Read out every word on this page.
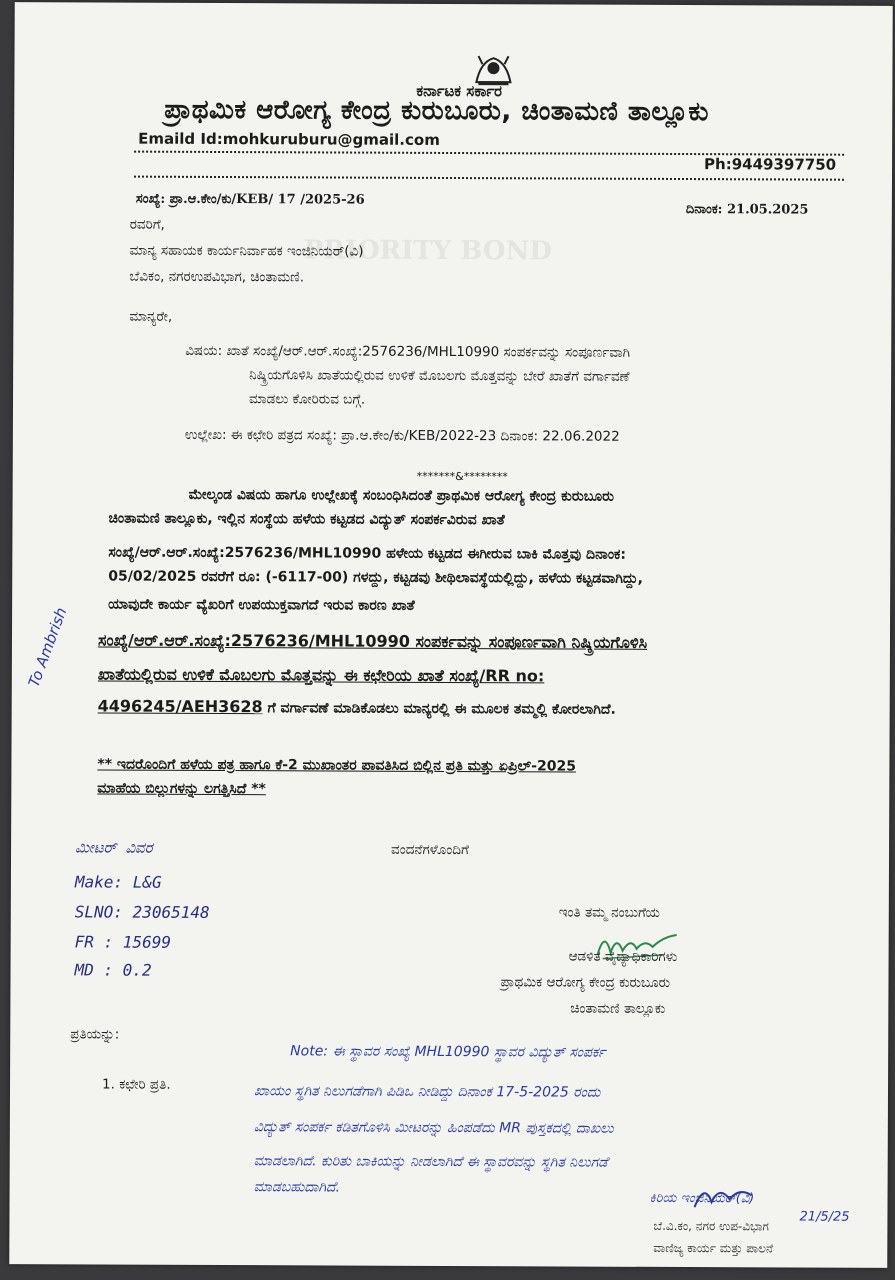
ಕರ್ನಾಟಕ ಸರ್ಕಾರ
ಪ್ರಾಥಮಿಕ ಆರೋಗ್ಯ ಕೇಂದ್ರ ಕುರುಬೂರು, ಚಿಂತಾಮಣಿ ತಾಲ್ಲೂಕು
Emaild Id:mohkuruburu@gmail.com
Ph:9449397750
ಸಂಖ್ಯೆ: ಪ್ರಾ.ಆ.ಕೇಂ/ಕು/KEB/ 17 /2025-26
ದಿನಾಂಕ: 21.05.2025
PRIORITY BOND
ರವರಿಗೆ,
ಮಾನ್ಯ ಸಹಾಯಕ ಕಾರ್ಯನಿರ್ವಾಹಕ ಇಂಜಿನಿಯರ್(ವಿ)
ಬೆವಿಕಂ, ನಗರಉಪವಿಭಾಗ, ಚಿಂತಾಮಣಿ.
ಮಾನ್ಯರೇ,
ವಿಷಯ: ಖಾತೆ ಸಂಖ್ಯೆ/ಆರ್.ಆರ್.ಸಂಖ್ಯೆ:2576236/MHL10990 ಸಂಪರ್ಕವನ್ನು ಸಂಪೂರ್ಣವಾಗಿ
ನಿಷ್ಕ್ರಿಯಗೊಳಿಸಿ ಖಾತೆಯಲ್ಲಿರುವ ಉಳಿಕೆ ಮೊಬಲಗು ಮೊತ್ತವನ್ನು ಬೇರೆ ಖಾತೆಗೆ ವರ್ಗಾವಣೆ
ಮಾಡಲು ಕೋರಿರುವ ಬಗ್ಗೆ.
ಉಲ್ಲೇಖ: ಈ ಕಛೇರಿ ಪತ್ರದ ಸಂಖ್ಯೆ: ಪ್ರಾ.ಆ.ಕೇಂ/ಕು/KEB/2022-23 ದಿನಾಂಕ: 22.06.2022
*******&********
ಮೇಲ್ಕಂಡ ವಿಷಯ ಹಾಗೂ ಉಲ್ಲೇಖಕ್ಕೆ ಸಂಬಂಧಿಸಿದಂತೆ ಪ್ರಾಥಮಿಕ ಆರೋಗ್ಯ ಕೇಂದ್ರ ಕುರುಬೂರು
ಚಿಂತಾಮಣಿ ತಾಲ್ಲೂಕು, ಇಲ್ಲಿನ ಸಂಸ್ಥೆಯ ಹಳೆಯ ಕಟ್ಟಡದ ವಿದ್ಯುತ್ ಸಂಪರ್ಕವಿರುವ ಖಾತೆ
ಸಂಖ್ಯೆ/ಆರ್.ಆರ್.ಸಂಖ್ಯೆ:2576236/MHL10990 ಹಳೇಯ ಕಟ್ಟಡದ ಈಗೀರುವ ಬಾಕಿ ಮೊತ್ತವು ದಿನಾಂಕ:
05/02/2025 ರವರೆಗೆ ರೂ: (-6117-00) ಗಳದ್ದು, ಕಟ್ಟಡವು ಶೀಥಿಲಾವಸ್ಥೆಯಲ್ಲಿದ್ದು, ಹಳೆಯ ಕಟ್ಟಡವಾಗಿದ್ದು,
ಯಾವುದೇ ಕಾರ್ಯ ವ್ಯೆಖರಿಗೆ ಉಪಯುಕ್ತವಾಗದೆ ಇರುವ ಕಾರಣ ಖಾತೆ
ಸಂಖ್ಯೆ/ಆರ್.ಆರ್.ಸಂಖ್ಯೆ:2576236/MHL10990 ಸಂಪರ್ಕವನ್ನು ಸಂಪೂರ್ಣವಾಗಿ ನಿಷ್ಕ್ರಿಯಗೊಳಿಸಿ
ಖಾತೆಯಲ್ಲಿರುವ ಉಳಿಕೆ ಮೊಬಲಗು ಮೊತ್ತವನ್ನು ಈ ಕಛೇರಿಯ ಖಾತೆ ಸಂಖ್ಯೆ/RR no:
4496245/AEH3628 ಗೆ ವರ್ಗಾವಣೆ ಮಾಡಿಕೊಡಲು ಮಾನ್ಯರಲ್ಲಿ ಈ ಮೂಲಕ ತಮ್ಮಲ್ಲಿ ಕೋರಲಾಗಿದೆ.
** ಇದರೊಂದಿಗೆ ಹಳೆಯ ಪತ್ರ ಹಾಗೂ ಕೆ-2 ಮುಖಾಂತರ ಪಾವತಿಸಿದ ಬಿಲ್ಲಿನ ಪ್ರತಿ ಮತ್ತು ಏಪ್ರಿಲ್-2025
ಮಾಹೆಯ ಬಿಲ್ಲುಗಳನ್ನು ಲಗತ್ತಿಸಿದೆ **
To Ambrish
ಮೀಟರ್ ವಿವರ
Make: L&G
SLNO: 23065148
FR : 15699
MD : 0.2
ವಂದನೆಗಳೊಂದಿಗೆ
ಇಂತಿ ತಮ್ಮ ನಂಬುಗೆಯ
ಆಡಳಿತ ವೈದ್ಯಾಧಿಕಾರಿಗಳು
ಪ್ರಾಥಮಿಕ ಆರೋಗ್ಯ ಕೇಂದ್ರ ಕುರುಬೂರು
ಚಿಂತಾಮಣಿ ತಾಲ್ಲೂಕು
ಪ್ರತಿಯನ್ನು:
1. ಕಛೇರಿ ಪ್ರತಿ.
Note: ಈ ಸ್ಥಾವರ ಸಂಖ್ಯೆ MHL10990 ಸ್ಥಾವರ ವಿದ್ಯುತ್ ಸಂಪರ್ಕ
ಖಾಯಂ ಸ್ಥಗಿತ ನಿಲುಗಡೆಗಾಗಿ ಪಿಡಿಒ ನೀಡಿದ್ದು ದಿನಾಂಕ 17-5-2025 ರಂದು
ವಿದ್ಯುತ್ ಸಂಪರ್ಕ ಕಡಿತಗೊಳಿಸಿ ಮೀಟರನ್ನು ಹಿಂಪಡೆದು MR ಪುಸ್ತಕದಲ್ಲಿ ದಾಖಲು
ಮಾಡಲಾಗಿದೆ. ಕುರಿತು ಬಾಕಿಯನ್ನು ನೀಡಲಾಗಿದೆ ಈ ಸ್ಥಾವರವನ್ನು ಸ್ಥಗಿತ ನಿಲುಗಡೆ
ಮಾಡಬಹುದಾಗಿದೆ.
ಕಿರಿಯ ಇಂಜಿನಿಯರ್(ವಿ)
21/5/25
ಬೆ.ವಿ.ಕಂ, ನಗರ ಉಪ-ವಿಭಾಗ
ವಾಣಿಜ್ಯ ಕಾರ್ಯ ಮತ್ತು ಪಾಲನೆ
